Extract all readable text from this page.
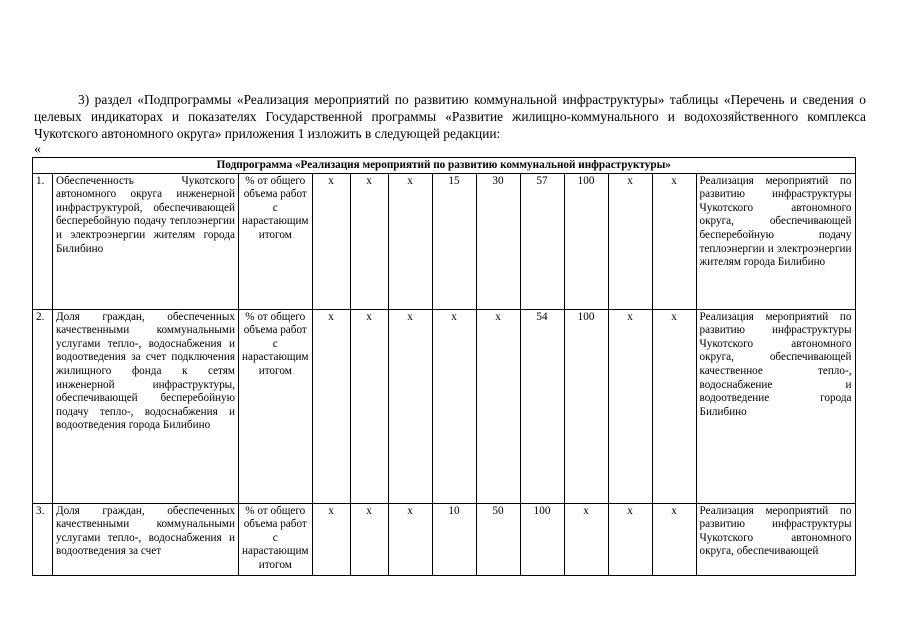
3) раздел «Подпрограммы «Реализация мероприятий по развитию коммунальной инфраструктуры» таблицы «Перечень и сведения о целевых индикаторах и показателях Государственной программы «Развитие жилищно-коммунального и водохозяйственного комплекса Чукотского автономного округа» приложения 1 изложить в следующей редакции:

«
Подпрограмма «Реализация мероприятий по развитию коммунальной инфраструктуры»												
1.	Обеспеченность Чукотского автономного округа инженерной инфраструктурой, обеспечивающей бесперебойную подачу теплоэнергии и электроэнергии жителям города Билибино	% от общего объема работ с нарастающим итогом	х	х	х	15	30	57	100	х	х	Реализация мероприятий по развитию инфраструктуры Чукотского автономного округа, обеспечивающей бесперебойную подачу теплоэнергии и электроэнергии жителям города Билибино
2.	Доля граждан, обеспеченных качественными коммунальными услугами тепло-, водоснабжения и водоотведения за счет подключения жилищного фонда к сетям инженерной инфраструктуры, обеспечивающей бесперебойную подачу тепло-, водоснабжения и водоотведения города Билибино	% от общего объема работ с нарастающим итогом	х	х	х	х	х	54	100	х	х	Реализация мероприятий по развитию инфраструктуры Чукотского автономного округа, обеспечивающей качественное тепло-, водоснабжение и водоотведение города Билибино
3.	Доля граждан, обеспеченных качественными коммунальными услугами тепло-, водоснабжения и водоотведения за счет	% от общего объема работ с нарастающим итогом	х	х	х	10	50	100	х	х	х	Реализация мероприятий по развитию инфраструктуры Чукотского автономного округа, обеспечивающей
